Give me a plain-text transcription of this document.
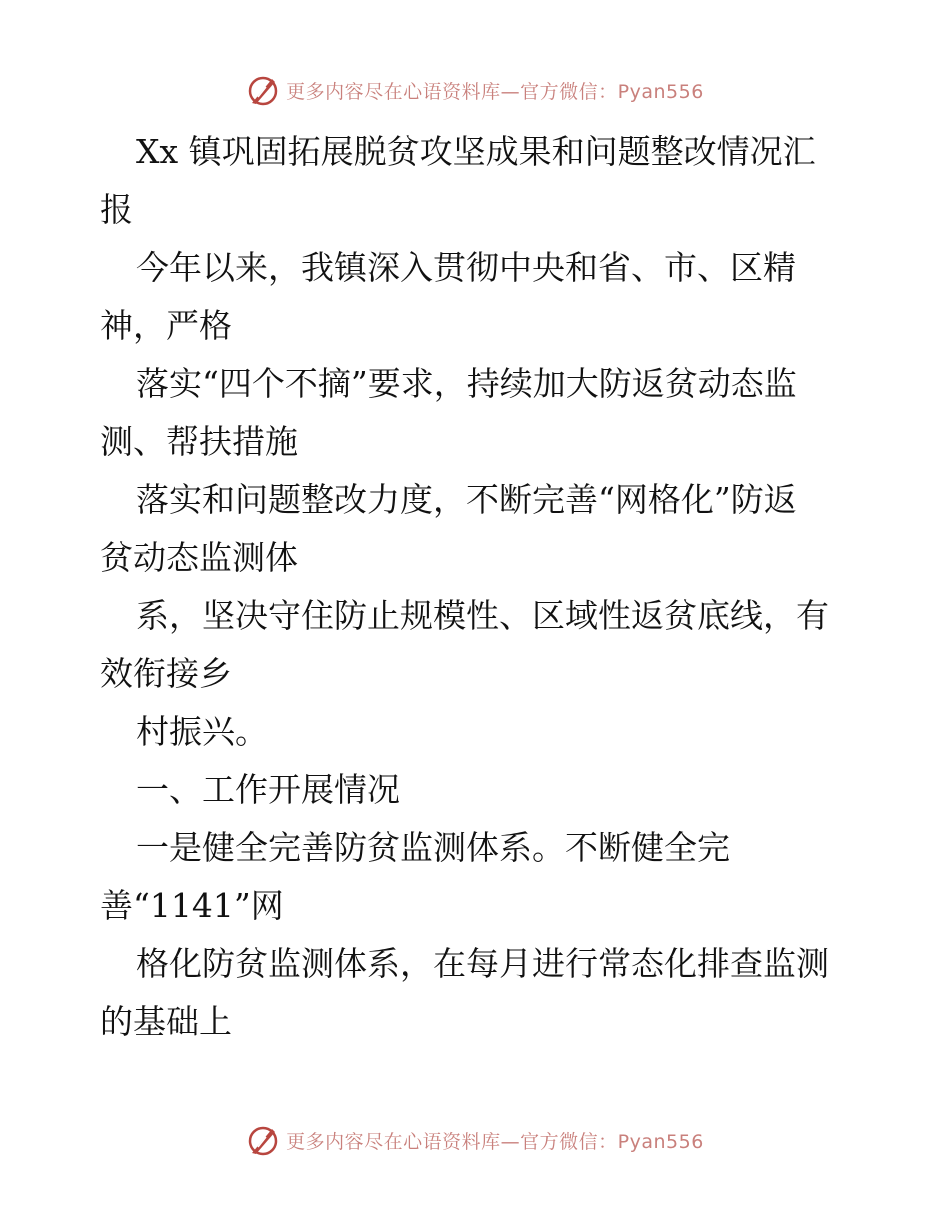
更多内容尽在心语资料库—官方微信：Pyan556
Xx 镇巩固拓展脱贫攻坚成果和问题整改情况汇
报
今年以来，我镇深入贯彻中央和省、市、区精
神，严格
落实“四个不摘”要求，持续加大防返贫动态监
测、帮扶措施
落实和问题整改力度，不断完善“网格化”防返
贫动态监测体
系，坚决守住防止规模性、区域性返贫底线，有
效衔接乡
村振兴。
一、工作开展情况
一是健全完善防贫监测体系。不断健全完
善“1141”网
格化防贫监测体系，在每月进行常态化排查监测
的基础上
更多内容尽在心语资料库—官方微信：Pyan556
